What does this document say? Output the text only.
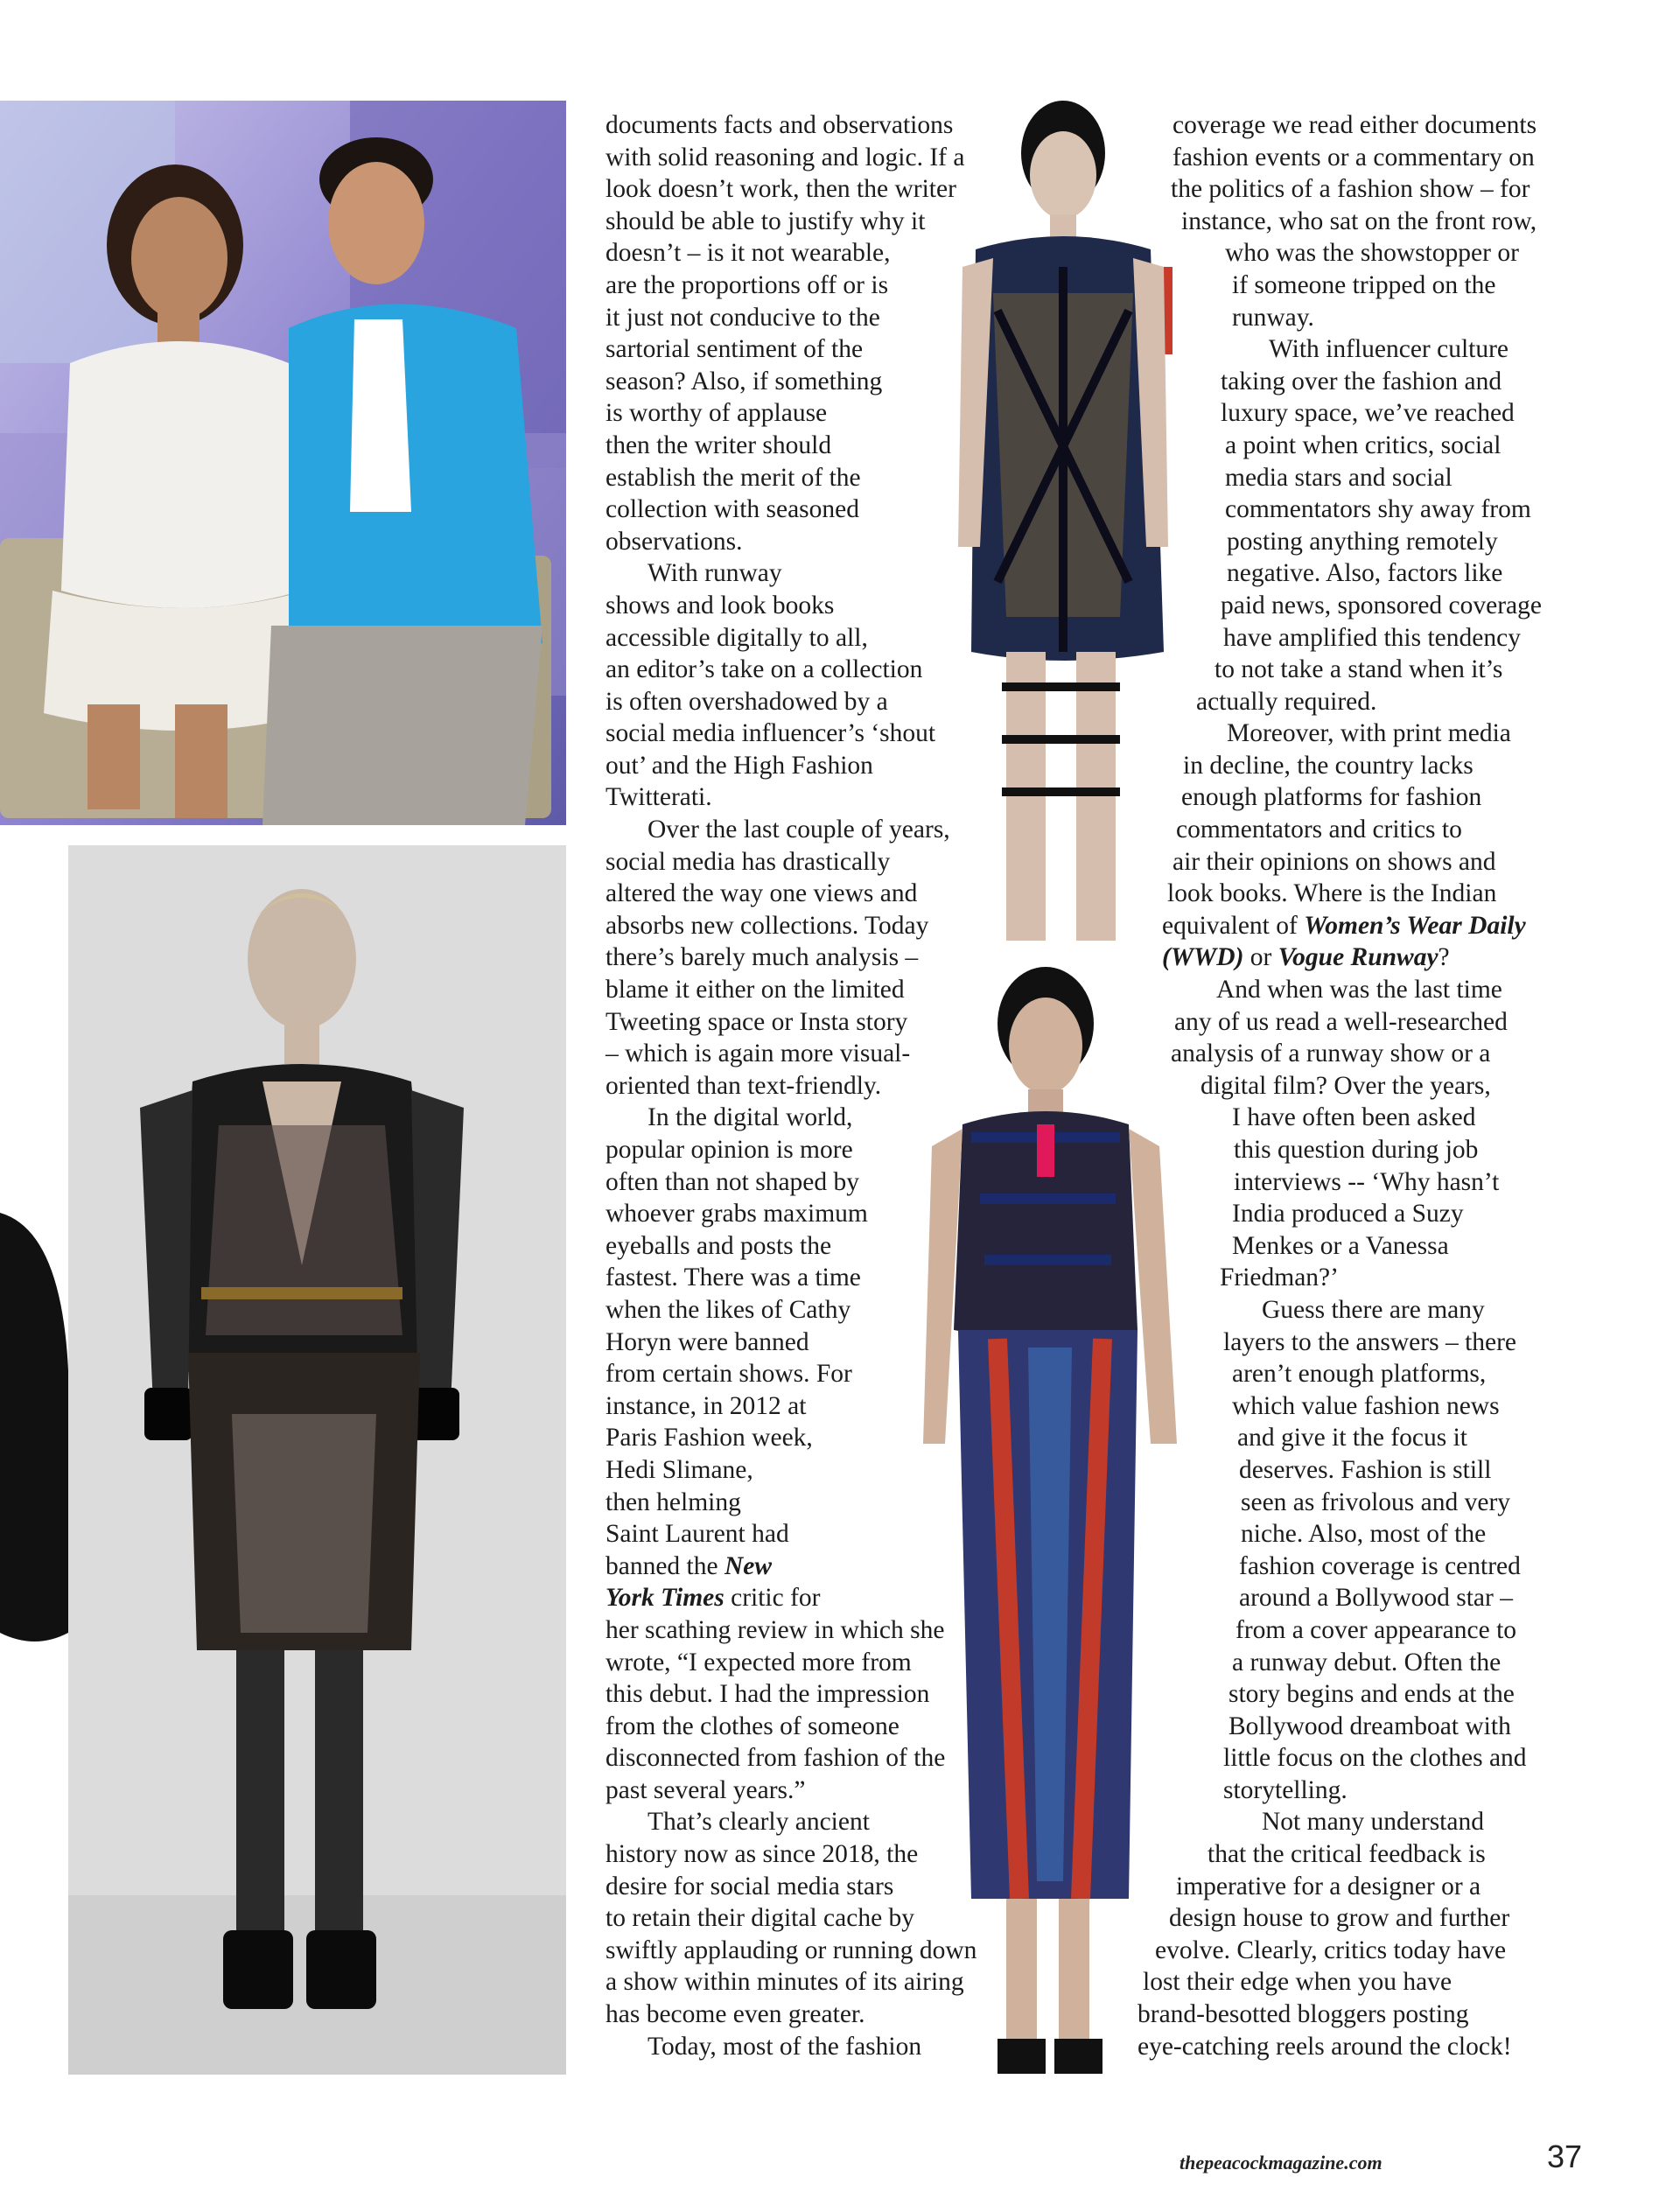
documents facts and observations
with solid reasoning and logic. If a
look doesn’t work, then the writer
should be able to justify why it
doesn’t – is it not wearable,
are the proportions off or is
it just not conducive to the
sartorial sentiment of the
season? Also, if something
is worthy of applause
then the writer should
establish the merit of the
collection with seasoned
observations.

With runway
shows and look books
accessible digitally to all,
an editor’s take on a collection
is often overshadowed by a
social media influencer’s ‘shout
out’ and the High Fashion
Twitterati.

Over the last couple of years,
social media has drastically
altered the way one views and
absorbs new collections. Today
there’s barely much analysis –
blame it either on the limited
Tweeting space or Insta story
– which is again more visual-
oriented than text-friendly.

In the digital world,
popular opinion is more
often than not shaped by
whoever grabs maximum
eyeballs and posts the
fastest. There was a time
when the likes of Cathy
Horyn were banned
from certain shows. For
instance, in 2012 at
Paris Fashion week,
Hedi Slimane,
then helming
Saint Laurent had
banned the New
York Times critic for
her scathing review in which she
wrote, “I expected more from
this debut. I had the impression
from the clothes of someone
disconnected from fashion of the
past several years.”

That’s clearly ancient
history now as since 2018, the
desire for social media stars
to retain their digital cache by
swiftly applauding or running down
a show within minutes of its airing
has become even greater.

Today, most of the fashion

coverage we read either documents
fashion events or a commentary on
the politics of a fashion show – for
instance, who sat on the front row,
who was the showstopper or
if someone tripped on the
runway.

With influencer culture
taking over the fashion and
luxury space, we’ve reached
a point when critics, social
media stars and social
commentators shy away from
posting anything remotely
negative. Also, factors like
paid news, sponsored coverage
have amplified this tendency
to not take a stand when it’s
actually required.

Moreover, with print media
in decline, the country lacks
enough platforms for fashion
commentators and critics to
air their opinions on shows and
look books. Where is the Indian
equivalent of Women’s Wear Daily
(WWD) or Vogue Runway?

And when was the last time
any of us read a well-researched
analysis of a runway show or a
digital film? Over the years,
I have often been asked
this question during job
interviews -- ‘Why hasn’t
India produced a Suzy
Menkes or a Vanessa
Friedman?’

Guess there are many
layers to the answers – there
aren’t enough platforms,
which value fashion news
and give it the focus it
deserves. Fashion is still
seen as frivolous and very
niche. Also, most of the
fashion coverage is centred
around a Bollywood star –
from a cover appearance to
a runway debut. Often the
story begins and ends at the
Bollywood dreamboat with
little focus on the clothes and
storytelling.

Not many understand
that the critical feedback is
imperative for a designer or a
design house to grow and further
evolve. Clearly, critics today have
lost their edge when you have
brand-besotted bloggers posting
eye-catching reels around the clock!

thepeacockmagazine.com	37
